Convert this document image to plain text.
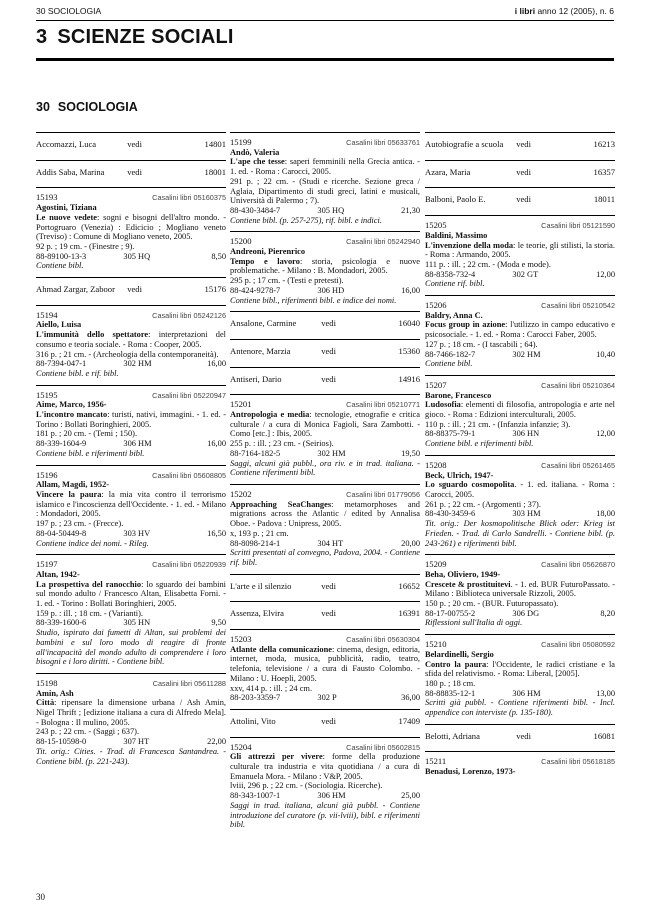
30 SOCIOLOGIA	i libri anno 12 (2005), n. 6
3 SCIENZE SOCIALI
30 SOCIOLOGIA
Accomazzi, Luca	vedi	14801
Addis Saba, Marina	vedi	18001
15193	Casalini libri 05160375
Agostini, Tiziana
Le nuove vedete: sogni e bisogni dell'altro mondo. - Portogruaro (Venezia) : Edicicio ; Mogliano veneto (Treviso) : Comune di Mogliano veneto, 2005.
92 p. ; 19 cm. - (Finestre ; 9).
88-89100-13-3	305 HQ	8,50
Contiene bibl.
Ahmad Zargar, Zaboor	vedi	15176
15194	Casalini libri 05242126
Aiello, Luisa
L'immunità dello spettatore: interpretazioni del consumo e teoria sociale. - Roma : Cooper, 2005.
316 p. ; 21 cm. - (Archeologia della contemporaneità).
88-7394-047-1	302 HM	16,00
Contiene bibl. e rif. bibl.
15195	Casalini libri 05220947
Aime, Marco, 1956-
L'incontro mancato: turisti, nativi, immagini. - 1. ed. - Torino : Bollati Boringhieri, 2005.
181 p. ; 20 cm. - (Temi ; 150).
88-339-1604-9	306 HM	16,00
Contiene bibl. e riferimenti bibl.
15196	Casalini libri 05608805
Allam, Magdi, 1952-
Vincere la paura: la mia vita contro il terrorismo islamico e l'incoscienza dell'Occidente. - 1. ed. - Milano : Mondadori, 2005.
197 p. ; 23 cm. - (Frecce).
88-04-50449-8	303 HV	16,50
Contiene indice dei nomi. - Rileg.
15197	Casalini libri 05220939
Altan, 1942-
La prospettiva del ranocchio: lo sguardo dei bambini sul mondo adulto / Francesco Altan, Elisabetta Forni. - 1. ed. - Torino : Bollati Boringhieri, 2005.
159 p. : ill. ; 18 cm. - (Varianti).
88-339-1600-6	305 HN	9,50
Studio, ispirato dai fumetti di Altan, sui problemi dei bambini e sul loro modo di reagire di fronte all'incapacità del mondo adulto di comprendere i loro bisogni e i loro diritti. - Contiene bibl.
15198	Casalini libri 05611288
Amin, Ash
Città: ripensare la dimensione urbana / Ash Amin, Nigel Thrift ; [edizione italiana a cura di Alfredo Mela]. - Bologna : Il mulino, 2005.
243 p. ; 22 cm. - (Saggi ; 637).
88-15-10598-0	307 HT	22,00
Tit. orig.: Cities. - Trad. di Francesca Santandrea. - Contiene bibl. (p. 221-243).
15199	Casalini libri 05633761
Andò, Valeria
L'ape che tesse: saperi femminili nella Grecia antica. - 1. ed. - Roma : Carocci, 2005.
291 p. ; 22 cm. - (Studi e ricerche. Sezione greca / Aglaia, Dipartimento di studi greci, latini e musicali, Università di Palermo ; 7).
88-430-3484-7	305 HQ	21,30
Contiene bibl. (p. 257-275), rif. bibl. e indici.
15200	Casalini libri 05242940
Andreoni, Pierenrico
Tempo e lavoro: storia, psicologia e nuove problematiche. - Milano : B. Mondadori, 2005.
295 p. ; 17 cm. - (Testi e pretesti).
88-424-9278-7	306 HD	16,00
Contiene bibl., riferimenti bibl. e indice dei nomi.
Ansalone, Carmine	vedi	16040
Antenore, Marzia	vedi	15360
Antiseri, Dario	vedi	14916
15201	Casalini libri 05210771
Antropologia e media: tecnologie, etnografie e critica culturale / a cura di Monica Fagioli, Sara Zambotti. - Como [etc.] : Ibis, 2005.
255 p. : ill. ; 23 cm. - (Seirios).
88-7164-182-5	302 HM	19,50
Saggi, alcuni già pubbl., ora riv. e in trad. italiana. - Contiene riferimenti bibl.
15202	Casalini libri 01779056
Approaching SeaChanges: metamorphoses and migrations across the Atlantic / edited by Annalisa Oboe. - Padova : Unipress, 2005.
x, 193 p. ; 21 cm.
88-8098-214-1	304 HT	20,00
Scritti presentati al convegno, Padova, 2004. - Contiene rif. bibl.
L'arte e il silenzio	vedi	16652
Assenza, Elvira	vedi	16391
15203	Casalini libri 05630304
Atlante della comunicazione: cinema, design, editoria, internet, moda, musica, pubblicità, radio, teatro, telefonia, televisione / a cura di Fausto Colombo. - Milano : U. Hoepli, 2005.
xxv, 414 p. : ill. ; 24 cm.
88-203-3359-7	302 P	36,00
Attolini, Vito	vedi	17409
15204	Casalini libri 05602815
Gli attrezzi per vivere: forme della produzione culturale tra industria e vita quotidiana / a cura di Emanuela Mora. - Milano : V&P, 2005.
lviii, 296 p. ; 22 cm. - (Sociologia. Ricerche).
88-343-1007-1	306 HM	25,00
Saggi in trad. italiana, alcuni già pubbl. - Contiene introduzione del curatore (p. vii-lviii), bibl. e riferimenti bibl.
Autobiografie a scuola	vedi	16213
Azara, Maria	vedi	16357
Balboni, Paolo E.	vedi	18011
15205	Casalini libri 05121590
Baldini, Massimo
L'invenzione della moda: le teorie, gli stilisti, la storia. - Roma : Armando, 2005.
111 p. : ill. ; 22 cm. - (Moda e mode).
88-8358-732-4	302 GT	12,00
Contiene rif. bibl.
15206	Casalini libri 05210542
Baldry, Anna C.
Focus group in azione: l'utilizzo in campo educativo e psicosociale. - 1. ed. - Roma : Carocci Faber, 2005.
127 p. ; 18 cm. - (I tascabili ; 64).
88-7466-182-7	302 HM	10,40
Contiene bibl.
15207	Casalini libri 05210364
Barone, Francesco
Ludosofia: elementi di filosofia, antropologia e arte nel gioco. - Roma : Edizioni interculturali, 2005.
110 p. : ill. ; 21 cm. - (Infanzia infanzie; 3).
88-88375-79-1	306 HN	12,00
Contiene bibl. e riferimenti bibl.
15208	Casalini libri 05261465
Beck, Ulrich, 1947-
Lo sguardo cosmopolita. - 1. ed. italiana. - Roma : Carocci, 2005.
261 p. ; 22 cm. - (Argomenti ; 37).
88-430-3459-6	303 HM	18,00
Tit. orig.: Der kosmopolitische Blick oder: Krieg ist Frieden. - Trad. di Carlo Sandrelli. - Contiene bibl. (p. 243-261) e riferimenti bibl.
15209	Casalini libri 05626870
Beha, Oliviero, 1949-
Crescete & prostituitevi. - 1. ed. BUR FuturoPassato. - Milano : Biblioteca universale Rizzoli, 2005.
150 p. ; 20 cm. - (BUR. Futuropassato).
88-17-00755-2	306 DG	8,20
Riflessioni sull'Italia di oggi.
15210	Casalini libri 05080592
Belardinelli, Sergio
Contro la paura: l'Occidente, le radici cristiane e la sfida del relativismo. - Roma: Liberal, [2005].
180 p. ; 18 cm.
88-88835-12-1	306 HM	13,00
Scritti già pubbl. - Contiene riferimenti bibl. - Incl. appendice con interviste (p. 135-180).
Belotti, Adriana	vedi	16081
15211	Casalini libri 05618185
Benadusi, Lorenzo, 1973-
30
